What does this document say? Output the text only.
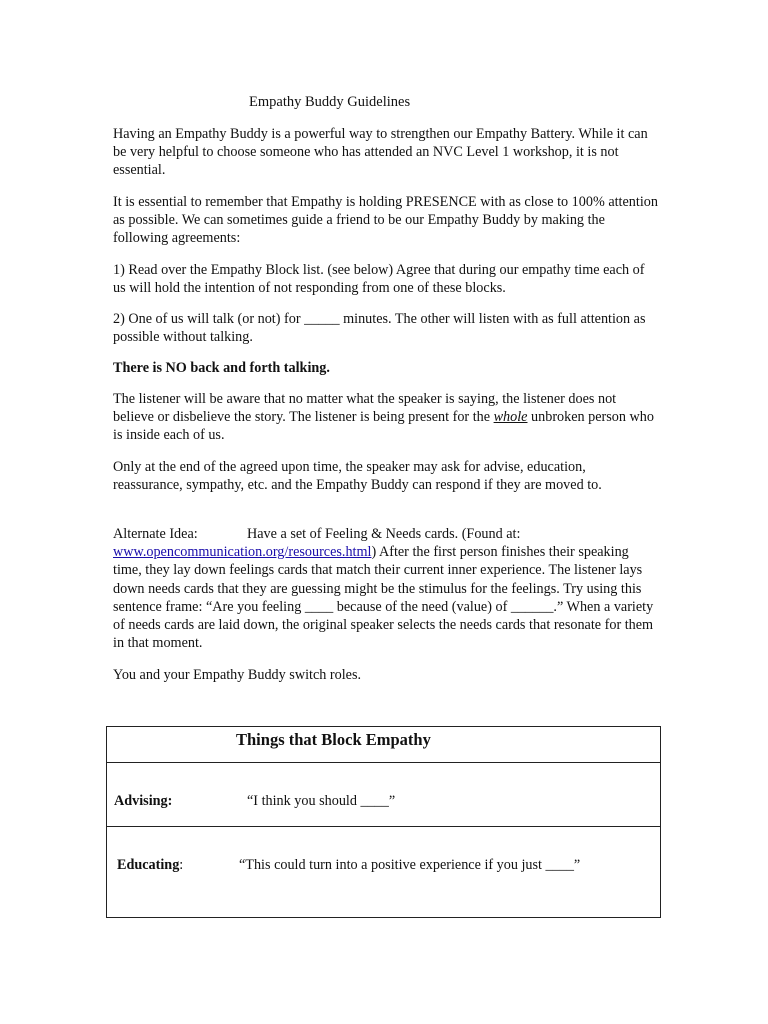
Empathy Buddy Guidelines

Having an Empathy Buddy is a powerful way to strengthen our Empathy Battery. While it can be very helpful to choose someone who has attended an NVC Level 1 workshop, it is not essential.

It is essential to remember that Empathy is holding PRESENCE with as close to 100% attention as possible. We can sometimes guide a friend to be our Empathy Buddy by making the following agreements:

1) Read over the Empathy Block list. (see below) Agree that during our empathy time each of us will hold the intention of not responding from one of these blocks.

2) One of us will talk (or not) for _____ minutes. The other will listen with as full attention as possible without talking.

There is NO back and forth talking.

The listener will be aware that no matter what the speaker is saying, the listener does not believe or disbelieve the story. The listener is being present for the whole unbroken person who is inside each of us.

Only at the end of the agreed upon time, the speaker may ask for advise, education, reassurance, sympathy, etc. and the Empathy Buddy can respond if they are moved to.

Alternate Idea:	Have a set of Feeling & Needs cards. (Found at:
www.opencommunication.org/resources.html) After the first person finishes their speaking time, they lay down feelings cards that match their current inner experience. The listener lays down needs cards that they are guessing might be the stimulus for the feelings. Try using this sentence frame: “Are you feeling ____ because of the need (value) of ______.” When a variety of needs cards are laid down, the original speaker selects the needs cards that resonate for them in that moment.

You and your Empathy Buddy switch roles.

Things that Block Empathy
Advising:	“I think you should ____”
Educating:	“This could turn into a positive experience if you just ____”
